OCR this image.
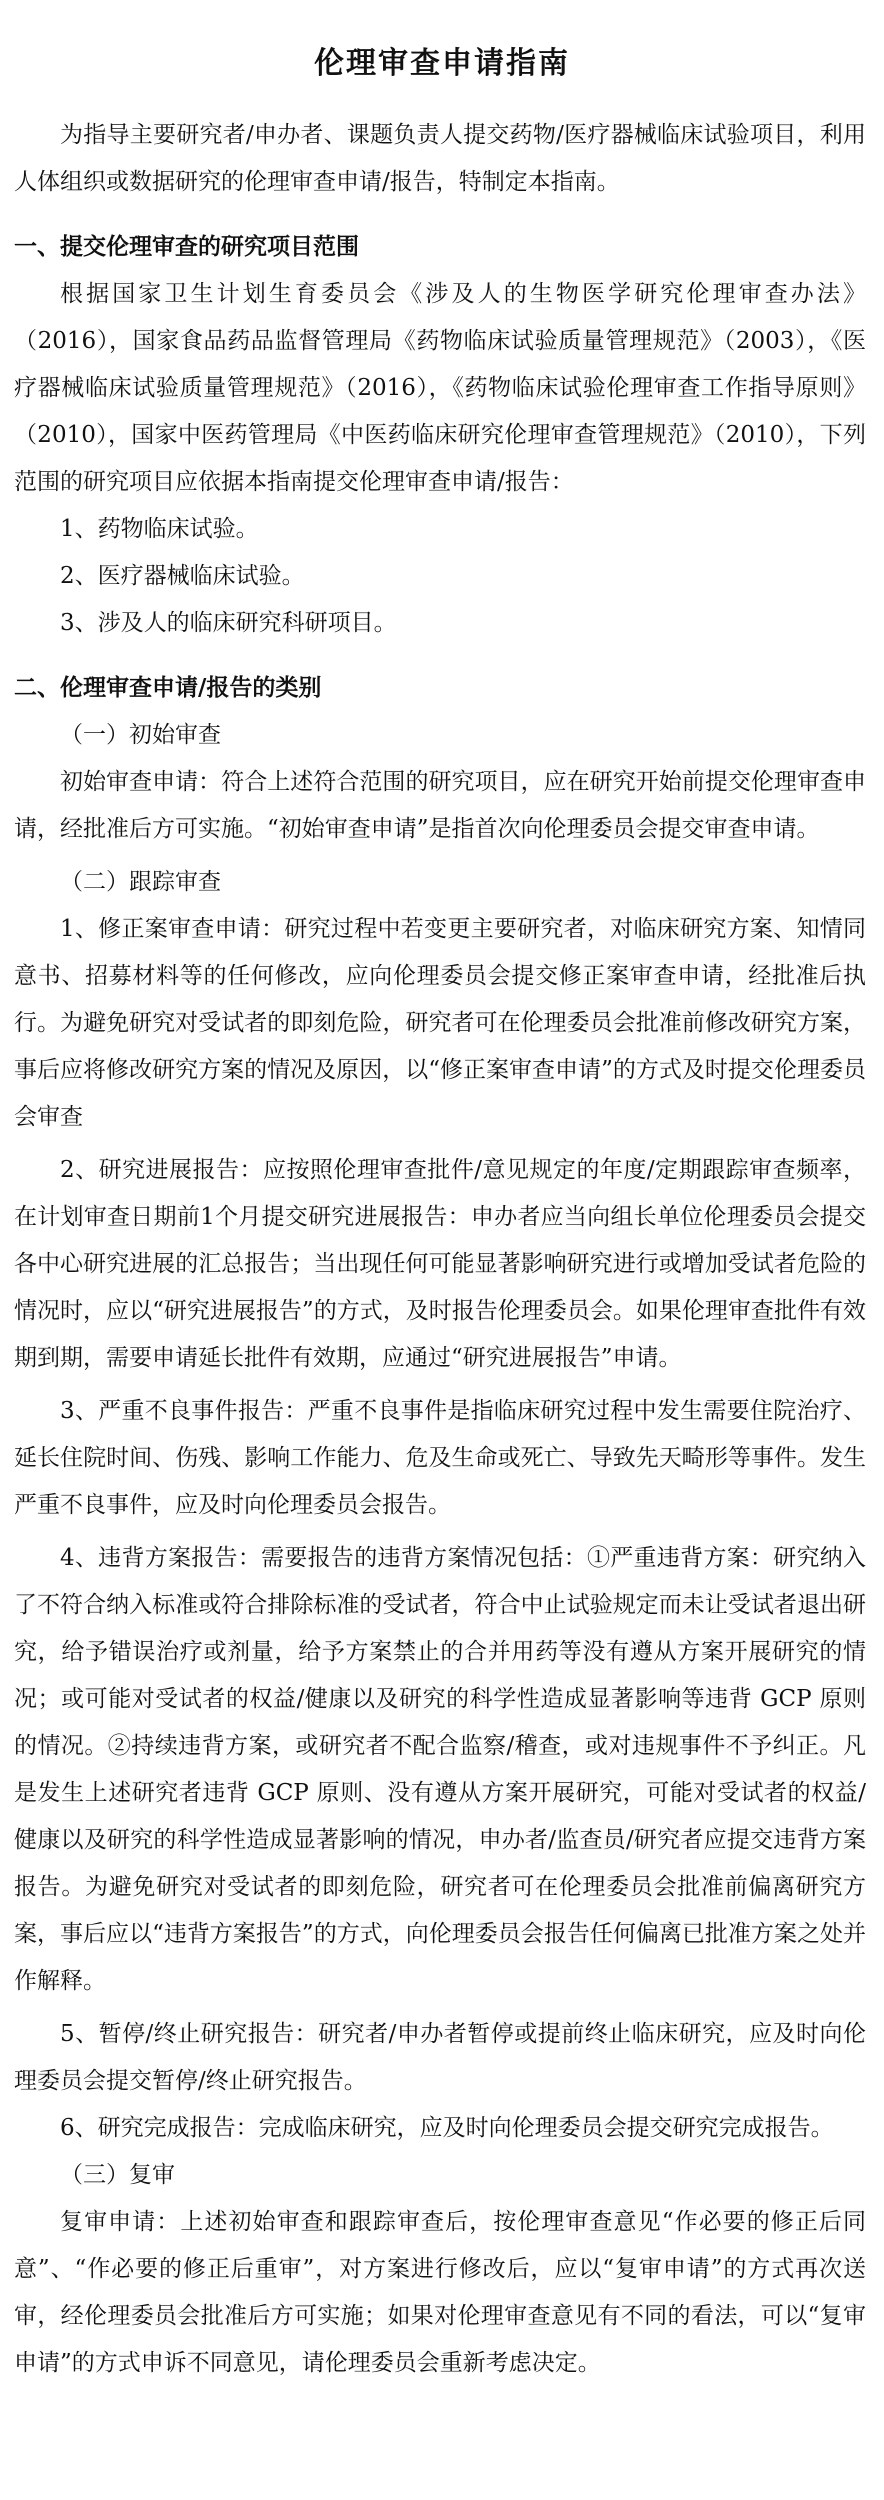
伦理审查申请指南

为指导主要研究者/申办者、课题负责人提交药物/医疗器械临床试验项目，利用人体组织或数据研究的伦理审查申请/报告，特制定本指南。

一、提交伦理审查的研究项目范围

根据国家卫生计划生育委员会《涉及人的生物医学研究伦理审查办法》（2016），国家食品药品监督管理局《药物临床试验质量管理规范》（2003），《医疗器械临床试验质量管理规范》（2016），《药物临床试验伦理审查工作指导原则》（2010），国家中医药管理局《中医药临床研究伦理审查管理规范》（2010），下列范围的研究项目应依据本指南提交伦理审查申请/报告：

1、药物临床试验。

2、医疗器械临床试验。

3、涉及人的临床研究科研项目。

二、伦理审查申请/报告的类别

（一）初始审查

初始审查申请：符合上述符合范围的研究项目，应在研究开始前提交伦理审查申请，经批准后方可实施。“初始审查申请”是指首次向伦理委员会提交审查申请。

（二）跟踪审查

1、修正案审查申请：研究过程中若变更主要研究者，对临床研究方案、知情同意书、招募材料等的任何修改，应向伦理委员会提交修正案审查申请，经批准后执行。为避免研究对受试者的即刻危险，研究者可在伦理委员会批准前修改研究方案，事后应将修改研究方案的情况及原因，以“修正案审查申请”的方式及时提交伦理委员会审查

2、研究进展报告：应按照伦理审查批件/意见规定的年度/定期跟踪审查频率，在计划审查日期前1个月提交研究进展报告：申办者应当向组长单位伦理委员会提交各中心研究进展的汇总报告；当出现任何可能显著影响研究进行或增加受试者危险的情况时，应以“研究进展报告”的方式，及时报告伦理委员会。如果伦理审查批件有效期到期，需要申请延长批件有效期，应通过“研究进展报告”申请。

3、严重不良事件报告：严重不良事件是指临床研究过程中发生需要住院治疗、延长住院时间、伤残、影响工作能力、危及生命或死亡、导致先天畸形等事件。发生严重不良事件，应及时向伦理委员会报告。

4、违背方案报告：需要报告的违背方案情况包括：①严重违背方案：研究纳入了不符合纳入标准或符合排除标准的受试者，符合中止试验规定而未让受试者退出研究，给予错误治疗或剂量，给予方案禁止的合并用药等没有遵从方案开展研究的情况；或可能对受试者的权益/健康以及研究的科学性造成显著影响等违背 GCP 原则的情况。②持续违背方案，或研究者不配合监察/稽查，或对违规事件不予纠正。凡是发生上述研究者违背 GCP 原则、没有遵从方案开展研究，可能对受试者的权益/健康以及研究的科学性造成显著影响的情况，申办者/监查员/研究者应提交违背方案报告。为避免研究对受试者的即刻危险，研究者可在伦理委员会批准前偏离研究方案，事后应以“违背方案报告”的方式，向伦理委员会报告任何偏离已批准方案之处并作解释。

5、暂停/终止研究报告：研究者/申办者暂停或提前终止临床研究，应及时向伦理委员会提交暂停/终止研究报告。

6、研究完成报告：完成临床研究，应及时向伦理委员会提交研究完成报告。

（三）复审

复审申请：上述初始审查和跟踪审查后，按伦理审查意见“作必要的修正后同意”、“作必要的修正后重审”，对方案进行修改后，应以“复审申请”的方式再次送审，经伦理委员会批准后方可实施；如果对伦理审查意见有不同的看法，可以“复审申请”的方式申诉不同意见，请伦理委员会重新考虑决定。
